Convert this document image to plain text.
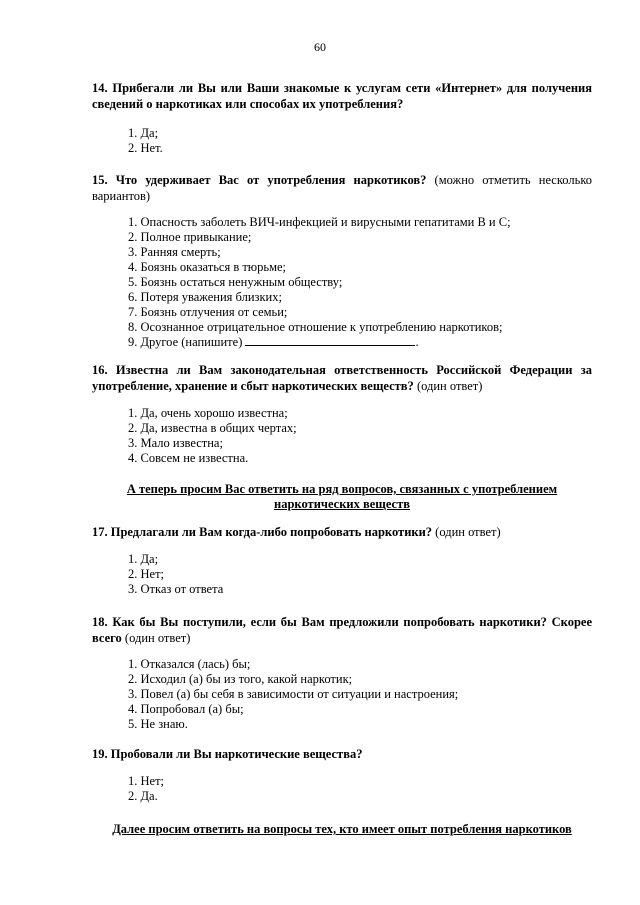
60
14. Прибегали ли Вы или Ваши знакомые к услугам сети «Интернет» для получения сведений о наркотиках или способах их употребления?
1. Да;
2. Нет.
15. Что удерживает Вас от употребления наркотиков? (можно отметить несколько вариантов)
1. Опасность заболеть ВИЧ-инфекцией и вирусными гепатитами В и С;
2. Полное привыкание;
3. Ранняя смерть;
4. Боязнь оказаться в тюрьме;
5. Боязнь остаться ненужным обществу;
6. Потеря уважения близких;
7. Боязнь отлучения от семьи;
8. Осознанное отрицательное отношение к употреблению наркотиков;
9. Другое (напишите)	.
16. Известна ли Вам законодательная ответственность Российской Федерации за употребление, хранение и сбыт наркотических веществ? (один ответ)
1. Да, очень хорошо известна;
2. Да, известна в общих чертах;
3. Мало известна;
4. Совсем не известна.
А теперь просим Вас ответить на ряд вопросов, связанных с употреблением
наркотических веществ
17. Предлагали ли Вам когда-либо попробовать наркотики? (один ответ)
1. Да;
2. Нет;
3. Отказ от ответа
18. Как бы Вы поступили, если бы Вам предложили попробовать наркотики? Скорее всего (один ответ)
1. Отказался (лась) бы;
2. Исходил (а) бы из того, какой наркотик;
3. Повел (а) бы себя в зависимости от ситуации и настроения;
4. Попробовал (а) бы;
5. Не знаю.
19. Пробовали ли Вы наркотические вещества?
1. Нет;
2. Да.
Далее просим ответить на вопросы тех, кто имеет опыт потребления наркотиков
